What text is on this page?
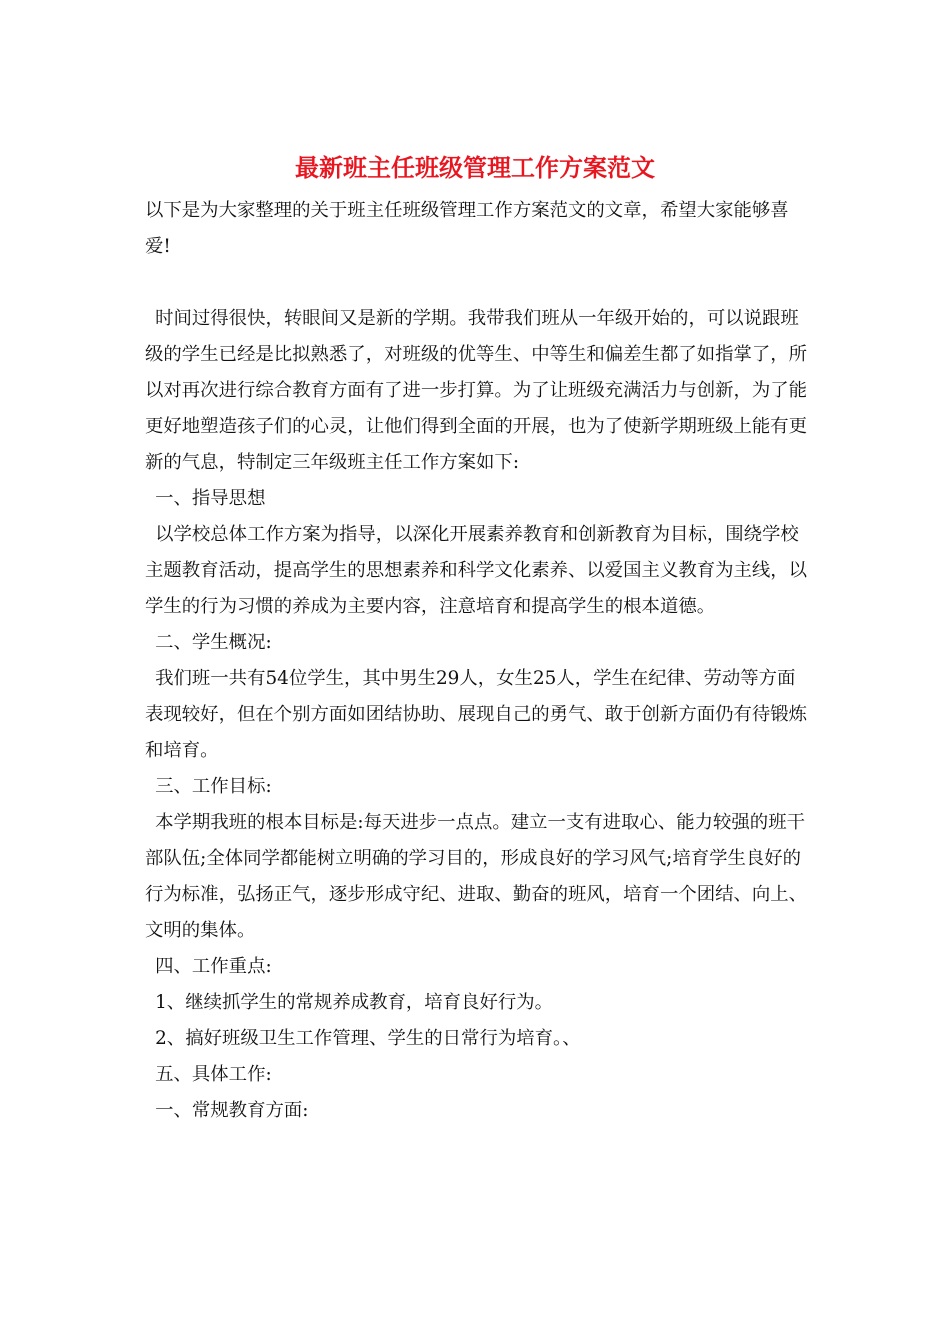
最新班主任班级管理工作方案范文

以下是为大家整理的关于班主任班级管理工作方案范文的文章，希望大家能够喜爱!

时间过得很快，转眼间又是新的学期。我带我们班从一年级开始的，可以说跟班级的学生已经是比拟熟悉了，对班级的优等生、中等生和偏差生都了如指掌了，所以对再次进行综合教育方面有了进一步打算。为了让班级充满活力与创新，为了能更好地塑造孩子们的心灵，让他们得到全面的开展，也为了使新学期班级上能有更新的气息，特制定三年级班主任工作方案如下:

一、指导思想

以学校总体工作方案为指导，以深化开展素养教育和创新教育为目标，围绕学校主题教育活动，提高学生的思想素养和科学文化素养、以爱国主义教育为主线，以学生的行为习惯的养成为主要内容，注意培育和提高学生的根本道德。

二、学生概况:

我们班一共有54位学生，其中男生29人，女生25人，学生在纪律、劳动等方面表现较好，但在个别方面如团结协助、展现自己的勇气、敢于创新方面仍有待锻炼和培育。

三、工作目标:

本学期我班的根本目标是:每天进步一点点。建立一支有进取心、能力较强的班干部队伍;全体同学都能树立明确的学习目的，形成良好的学习风气;培育学生良好的行为标准，弘扬正气，逐步形成守纪、进取、勤奋的班风，培育一个团结、向上、文明的集体。

四、工作重点:

1、继续抓学生的常规养成教育，培育良好行为。

2、搞好班级卫生工作管理、学生的日常行为培育。、

五、具体工作:

一、常规教育方面:
